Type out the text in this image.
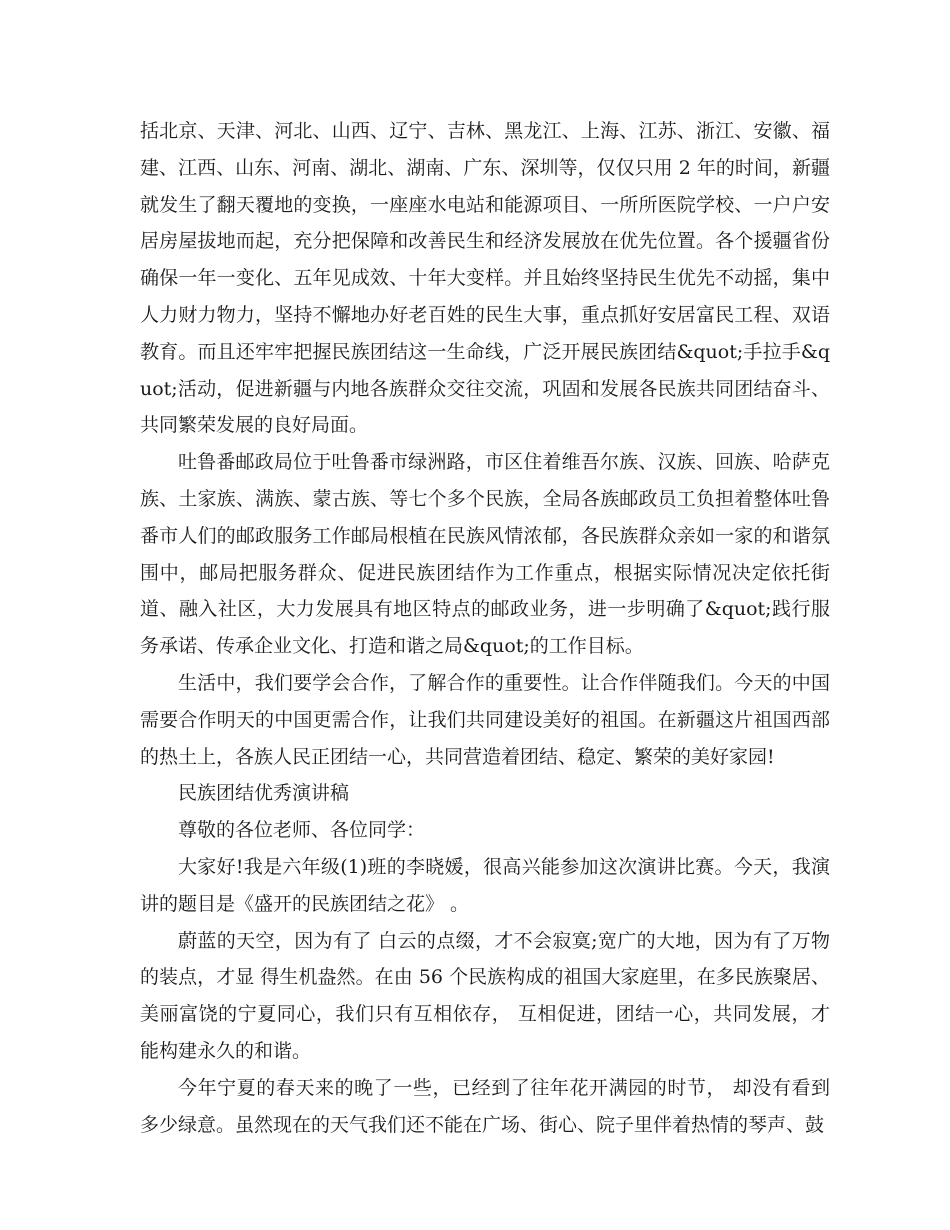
括北京、天津、河北、山西、辽宁、吉林、黑龙江、上海、江苏、浙江、安徽、福建、江西、山东、河南、湖北、湖南、广东、深圳等，仅仅只用 2 年的时间，新疆就发生了翻天覆地的变换，一座座水电站和能源项目、一所所医院学校、一户户安居房屋拔地而起，充分把保障和改善民生和经济发展放在优先位置。各个援疆省份确保一年一变化、五年见成效、十年大变样。并且始终坚持民生优先不动摇，集中人力财力物力，坚持不懈地办好老百姓的民生大事，重点抓好安居富民工程、双语教育。而且还牢牢把握民族团结这一生命线，广泛开展民族团结&quot;手拉手&quot;活动，促进新疆与内地各族群众交往交流，巩固和发展各民族共同团结奋斗、共同繁荣发展的良好局面。

吐鲁番邮政局位于吐鲁番市绿洲路，市区住着维吾尔族、汉族、回族、哈萨克族、土家族、满族、蒙古族、等七个多个民族，全局各族邮政员工负担着整体吐鲁番市人们的邮政服务工作邮局根植在民族风情浓郁，各民族群众亲如一家的和谐氛围中，邮局把服务群众、促进民族团结作为工作重点，根据实际情况决定依托街道、融入社区，大力发展具有地区特点的邮政业务，进一步明确了&quot;践行服务承诺、传承企业文化、打造和谐之局&quot;的工作目标。

生活中，我们要学会合作，了解合作的重要性。让合作伴随我们。今天的中国需要合作明天的中国更需合作，让我们共同建设美好的祖国。在新疆这片祖国西部的热土上，各族人民正团结一心，共同营造着团结、稳定、繁荣的美好家园!

民族团结优秀演讲稿

尊敬的各位老师、各位同学：

大家好!我是六年级(1)班的李晓媛，很高兴能参加这次演讲比赛。今天，我演讲的题目是《盛开的民族团结之花》 。

蔚蓝的天空，因为有了 白云的点缀，才不会寂寞;宽广的大地，因为有了万物的装点，才显 得生机盎然。在由 56 个民族构成的祖国大家庭里，在多民族聚居、美丽富饶的宁夏同心，我们只有互相依存， 互相促进，团结一心，共同发展，才能构建永久的和谐。

今年宁夏的春天来的晚了一些，已经到了往年花开满园的时节， 却没有看到多少绿意。虽然现在的天气我们还不能在广场、街心、院子里伴着热情的琴声、鼓
